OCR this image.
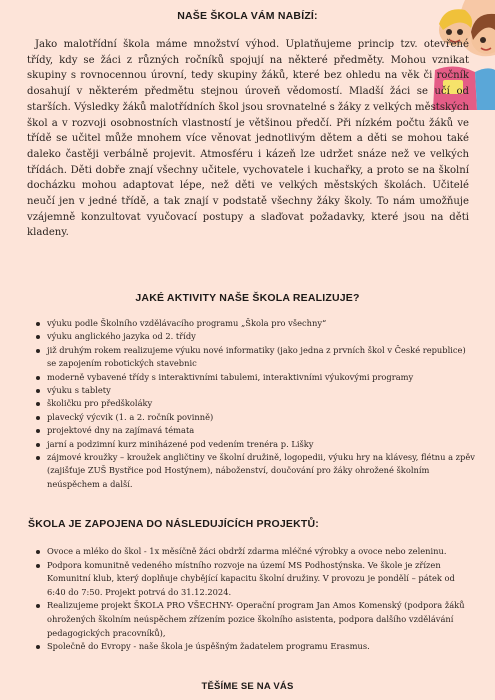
NAŠE ŠKOLA VÁM NABÍZÍ:

Jako malotřídní škola máme množství výhod. Uplatňujeme princip tzv. otevřené třídy, kdy se žáci z různých ročníků spojují na některé předměty. Mohou vznikat skupiny s rovnocennou úrovní, tedy skupiny žáků, které bez ohledu na věk či ročník dosahují v některém předmětu stejnou úroveň vědomostí. Mladší žáci se učí od starších. Výsledky žáků malotřídních škol jsou srovnatelné s žáky z velkých městských škol a v rozvoji osobnostních vlastností je většinou předčí. Při nízkém počtu žáků ve třídě se učitel může mnohem více věnovat jednotlivým dětem a děti se mohou také daleko častěji verbálně projevit. Atmosféru i kázeň lze udržet snáze než ve velkých třídách. Děti dobře znají všechny učitele, vychovatele i kuchařky, a proto se na školní docházku mohou adaptovat lépe, než děti ve velkých městských školách. Učitelé neučí jen v jedné třídě, a tak znají v podstatě všechny žáky školy. To nám umožňuje vzájemně konzultovat vyučovací postupy a slaďovat požadavky, které jsou na děti kladeny.

JAKÉ AKTIVITY NAŠE ŠKOLA REALIZUJE?
výuku podle Školního vzdělávacího programu „Škola pro všechny“
výuku anglického jazyka od 2. třídy
již druhým rokem realizujeme výuku nové informatiky (jako jedna z prvních škol v České republice) se zapojením robotických stavebnic
moderně vybavené třídy s interaktivními tabulemi, interaktivními výukovými programy
výuku s tablety
školičku pro předškoláky
plavecký výcvik (1. a 2. ročník povinně)
projektové dny na zajímavá témata
jarní a podzimní kurz miniházené pod vedením trenéra p. Lišky
zájmové kroužky – kroužek angličtiny ve školní družině, logopedii, výuku hry na klávesy, flétnu a zpěv (zajišťuje ZUŠ Bystřice pod Hostýnem), náboženství, doučování pro žáky ohrožené školním neúspěchem a další.
ŠKOLA JE ZAPOJENA DO NÁSLEDUJÍCÍCH PROJEKTŮ:
Ovoce a mléko do škol - 1x měsíčně žáci obdrží zdarma mléčné výrobky a ovoce nebo zeleninu.
Podpora komunitně vedeného místního rozvoje na území MS Podhostýnska. Ve škole je zřízen Komunitní klub, který doplňuje chybějící kapacitu školní družiny. V provozu je pondělí – pátek od 6:40 do 7:50. Projekt potrvá do 31.12.2024.
Realizujeme projekt ŠKOLA PRO VŠECHNY- Operační program Jan Amos Komenský (podpora žáků ohrožených školním neúspěchem zřízením pozice školního asistenta, podpora dalšího vzdělávání pedagogických pracovníků),
Společně do Evropy - naše škola je úspěšným žadatelem programu Erasmus.
TĚŠÍME SE NA VÁS
